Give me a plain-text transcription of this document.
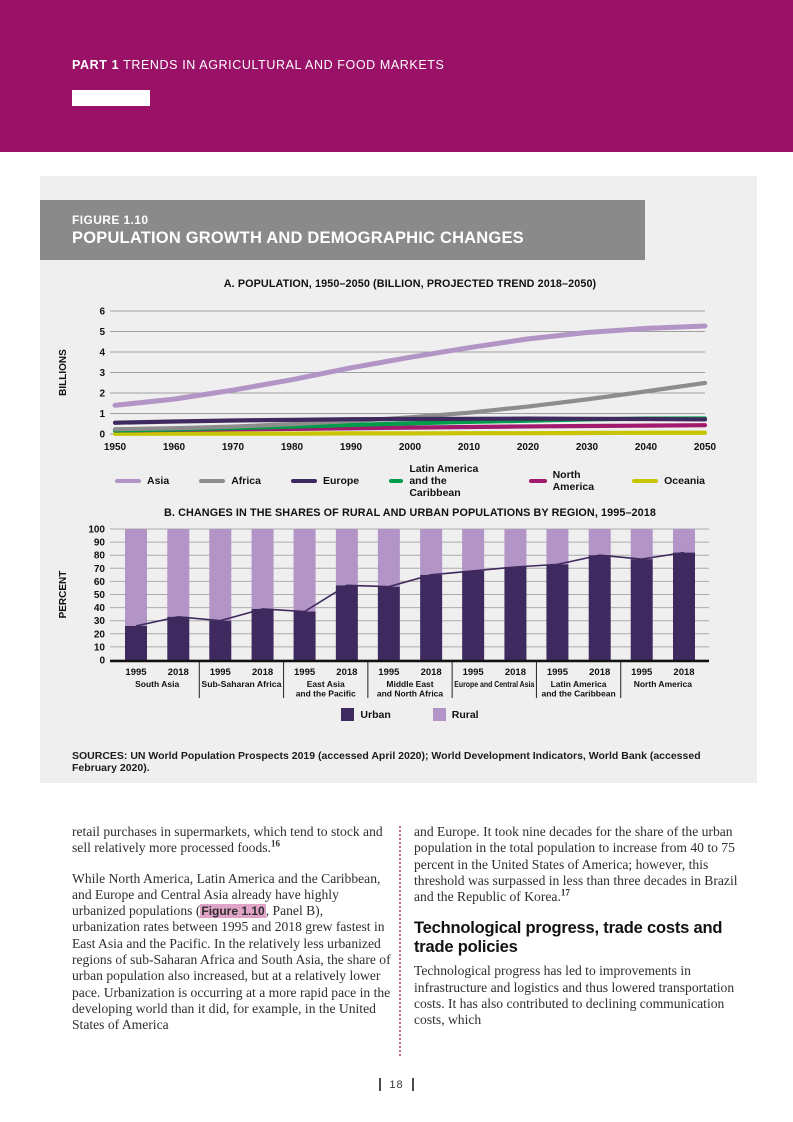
PART 1 TRENDS IN AGRICULTURAL AND FOOD MARKETS
FIGURE 1.10
POPULATION GROWTH AND DEMOGRAPHIC CHANGES
A. POPULATION, 1950–2050 (BILLION, PROJECTED TREND 2018–2050)
0
1
2
3
4
5
6
1950	1960	1970	1980	1990	2000	2010	2020	2030	2040	2050
BILLIONS
Asia	Africa	Europe
Latin America and the Caribbean
North America	Oceania
B. CHANGES IN THE SHARES OF RURAL AND URBAN POPULATIONS BY REGION, 1995–2018
0
10
20
30
40
50
60
70
80
90
100
1995 2018
South Asia
1995 2018
Sub-Saharan Africa
1995 2018
East Asia
and the Pacific
1995 2018
Middle East
and North Africa
1995 2018
Europe and Central Asia
1995 2018
Latin America
and the Caribbean
1995 2018
North America
PERCENT
Urban	Rural
SOURCES: UN World Population Prospects 2019 (accessed April 2020); World Development Indicators, World Bank (accessed February 2020).

retail purchases in supermarkets, which tend to stock and sell relatively more processed foods.$^{16}$

While North America, Latin America and the Caribbean, and Europe and Central Asia already have highly urbanized populations (Figure 1.10, Panel B), urbanization rates between 1995 and 2018 grew fastest in East Asia and the Pacific. In the relatively less urbanized regions of sub-Saharan Africa and South Asia, the share of urban population also increased, but at a relatively lower pace. Urbanization is occurring at a more rapid pace in the developing world than it did, for example, in the United States of America

and Europe. It took nine decades for the share of the urban population in the total population to increase from 40 to 75 percent in the United States of America; however, this threshold was surpassed in less than three decades in Brazil and the Republic of Korea.$^{17}$

Technological progress, trade costs and trade policies

Technological progress has led to improvements in infrastructure and logistics and thus lowered transportation costs. It has also contributed to declining communication costs, which

18
